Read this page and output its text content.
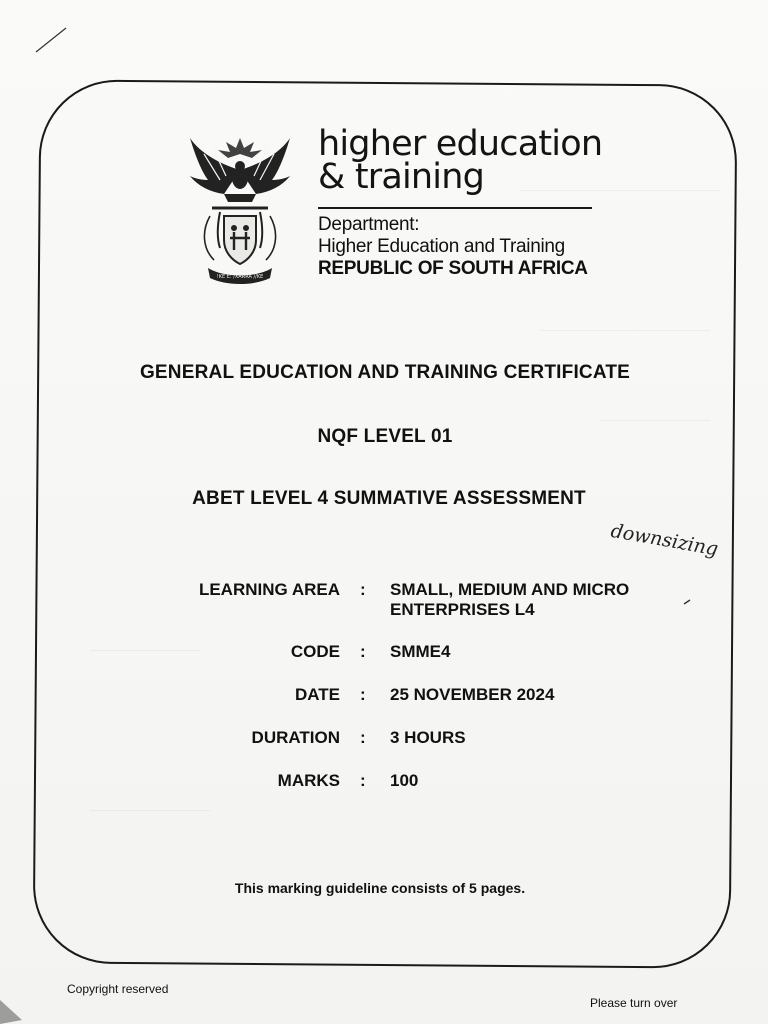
!KE E: /XARRA //KE
higher education
& training
Department:
Higher Education and Training
REPUBLIC OF SOUTH AFRICA
GENERAL EDUCATION AND TRAINING CERTIFICATE
NQF LEVEL 01
ABET LEVEL 4 SUMMATIVE ASSESSMENT
LEARNING AREA : SMALL, MEDIUM AND MICRO ENTERPRISES L4
CODE : SMME4
DATE : 25 NOVEMBER 2024
DURATION : 3 HOURS
MARKS : 100
downsizing
This marking guideline consists of 5 pages.
Copyright reserved
Please turn over
